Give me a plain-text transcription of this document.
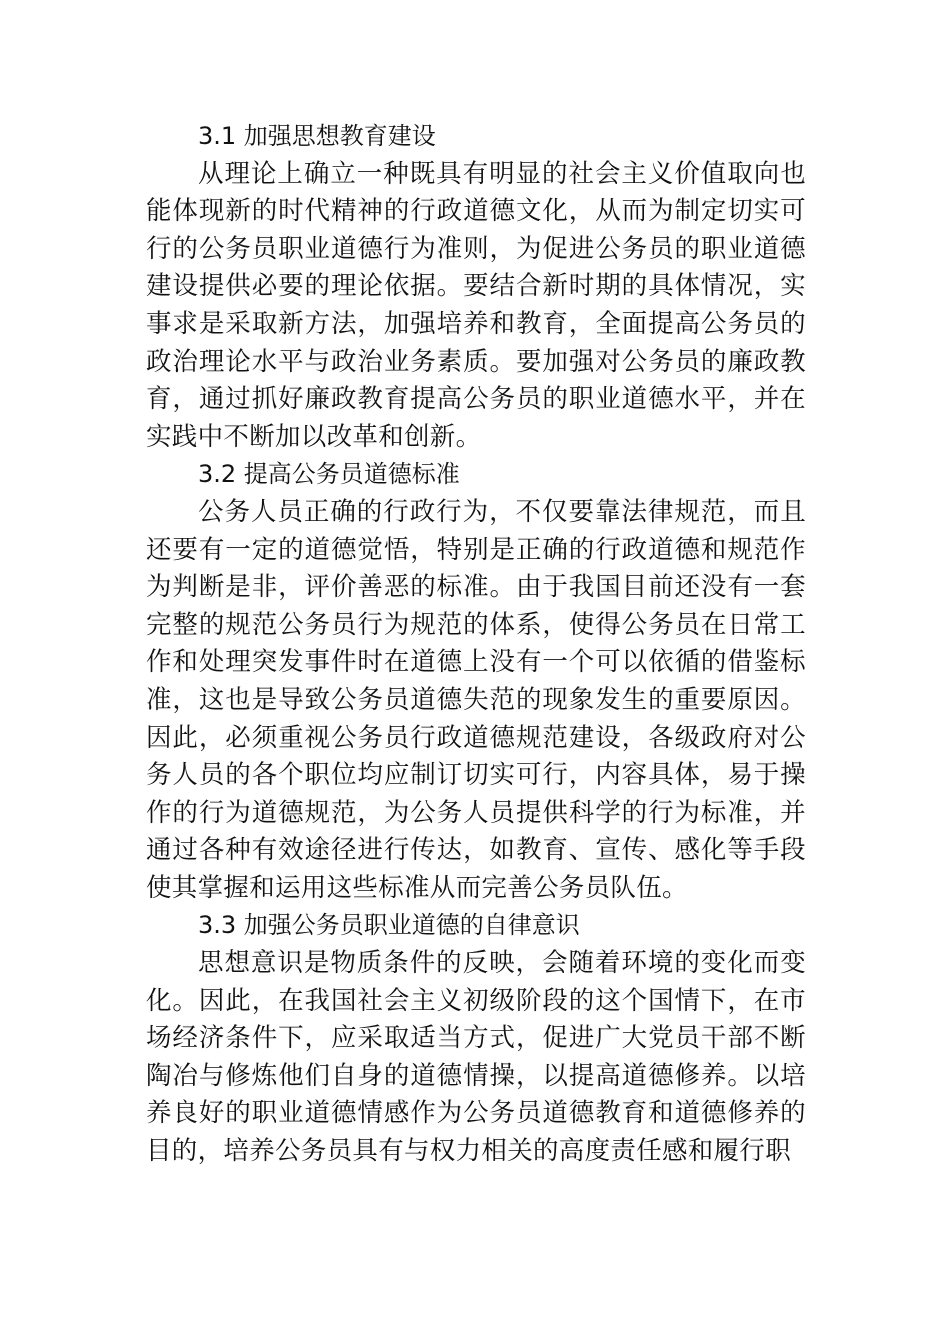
3.1 加强思想教育建设

从理论上确立一种既具有明显的社会主义价值取向也能体现新的时代精神的行政道德文化，从而为制定切实可行的公务员职业道德行为准则，为促进公务员的职业道德建设提供必要的理论依据。要结合新时期的具体情况，实事求是采取新方法，加强培养和教育，全面提高公务员的政治理论水平与政治业务素质。要加强对公务员的廉政教育，通过抓好廉政教育提高公务员的职业道德水平，并在实践中不断加以改革和创新。

3.2 提高公务员道德标准

公务人员正确的行政行为，不仅要靠法律规范，而且还要有一定的道德觉悟，特别是正确的行政道德和规范作为判断是非，评价善恶的标准。由于我国目前还没有一套完整的规范公务员行为规范的体系，使得公务员在日常工作和处理突发事件时在道德上没有一个可以依循的借鉴标准，这也是导致公务员道德失范的现象发生的重要原因。因此，必须重视公务员行政道德规范建设，各级政府对公务人员的各个职位均应制订切实可行，内容具体，易于操作的行为道德规范，为公务人员提供科学的行为标准，并通过各种有效途径进行传达，如教育、宣传、感化等手段使其掌握和运用这些标准从而完善公务员队伍。

3.3 加强公务员职业道德的自律意识

思想意识是物质条件的反映，会随着环境的变化而变化。因此，在我国社会主义初级阶段的这个国情下，在市场经济条件下，应采取适当方式，促进广大党员干部不断陶冶与修炼他们自身的道德情操，以提高道德修养。以培养良好的职业道德情感作为公务员道德教育和道德修养的目的，培养公务员具有与权力相关的高度责任感和履行职
